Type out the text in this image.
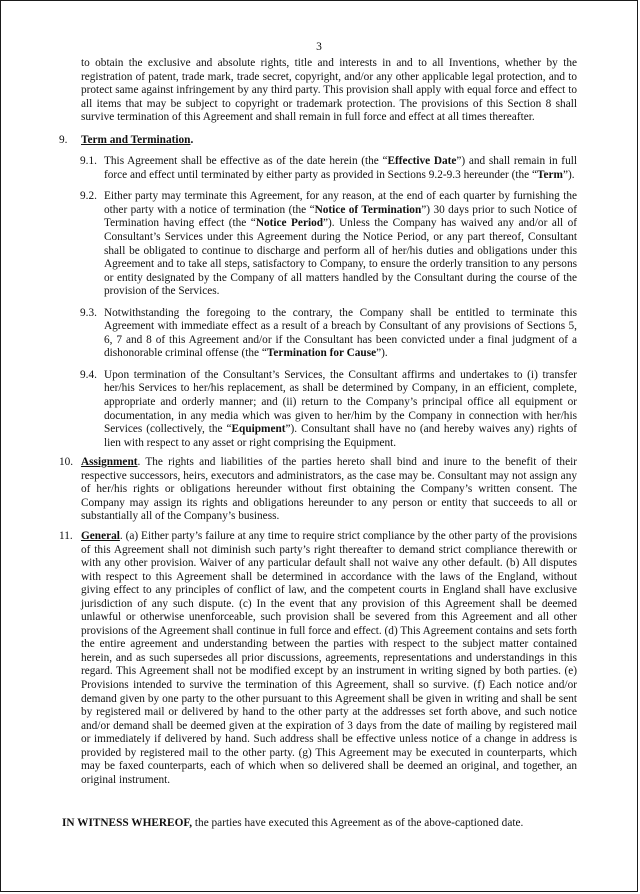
3

to obtain the exclusive and absolute rights, title and interests in and to all Inventions, whether by the registration of patent, trade mark, trade secret, copyright, and/or any other applicable legal protection, and to protect same against infringement by any third party. This provision shall apply with equal force and effect to all items that may be subject to copyright or trademark protection. The provisions of this Section 8 shall survive termination of this Agreement and shall remain in full force and effect at all times thereafter.

9. Term and Termination.
9.1. This Agreement shall be effective as of the date herein (the “Effective Date”) and shall remain in full force and effect until terminated by either party as provided in Sections 9.2-9.3 hereunder (the “Term”).
9.2. Either party may terminate this Agreement, for any reason, at the end of each quarter by furnishing the other party with a notice of termination (the “Notice of Termination”) 30 days prior to such Notice of Termination having effect (the “Notice Period”). Unless the Company has waived any and/or all of Consultant’s Services under this Agreement during the Notice Period, or any part thereof, Consultant shall be obligated to continue to discharge and perform all of her/his duties and obligations under this Agreement and to take all steps, satisfactory to Company, to ensure the orderly transition to any persons or entity designated by the Company of all matters handled by the Consultant during the course of the provision of the Services.
9.3. Notwithstanding the foregoing to the contrary, the Company shall be entitled to terminate this Agreement with immediate effect as a result of a breach by Consultant of any provisions of Sections 5, 6, 7 and 8 of this Agreement and/or if the Consultant has been convicted under a final judgment of a dishonorable criminal offense (the “Termination for Cause”).
9.4. Upon termination of the Consultant’s Services, the Consultant affirms and undertakes to (i) transfer her/his Services to her/his replacement, as shall be determined by Company, in an efficient, complete, appropriate and orderly manner; and (ii) return to the Company’s principal office all equipment or documentation, in any media which was given to her/him by the Company in connection with her/his Services (collectively, the “Equipment”). Consultant shall have no (and hereby waives any) rights of lien with respect to any asset or right comprising the Equipment.
10. Assignment. The rights and liabilities of the parties hereto shall bind and inure to the benefit of their respective successors, heirs, executors and administrators, as the case may be. Consultant may not assign any of her/his rights or obligations hereunder without first obtaining the Company’s written consent. The Company may assign its rights and obligations hereunder to any person or entity that succeeds to all or substantially all of the Company’s business.
11. General. (a) Either party’s failure at any time to require strict compliance by the other party of the provisions of this Agreement shall not diminish such party’s right thereafter to demand strict compliance therewith or with any other provision. Waiver of any particular default shall not waive any other default. (b) All disputes with respect to this Agreement shall be determined in accordance with the laws of the England, without giving effect to any principles of conflict of law, and the competent courts in England shall have exclusive jurisdiction of any such dispute. (c) In the event that any provision of this Agreement shall be deemed unlawful or otherwise unenforceable, such provision shall be severed from this Agreement and all other provisions of the Agreement shall continue in full force and effect. (d) This Agreement contains and sets forth the entire agreement and understanding between the parties with respect to the subject matter contained herein, and as such supersedes all prior discussions, agreements, representations and understandings in this regard. This Agreement shall not be modified except by an instrument in writing signed by both parties. (e) Provisions intended to survive the termination of this Agreement, shall so survive. (f) Each notice and/or demand given by one party to the other pursuant to this Agreement shall be given in writing and shall be sent by registered mail or delivered by hand to the other party at the addresses set forth above, and such notice and/or demand shall be deemed given at the expiration of 3 days from the date of mailing by registered mail or immediately if delivered by hand. Such address shall be effective unless notice of a change in address is provided by registered mail to the other party. (g) This Agreement may be executed in counterparts, which may be faxed counterparts, each of which when so delivered shall be deemed an original, and together, an original instrument.

IN WITNESS WHEREOF, the parties have executed this Agreement as of the above-captioned date.
